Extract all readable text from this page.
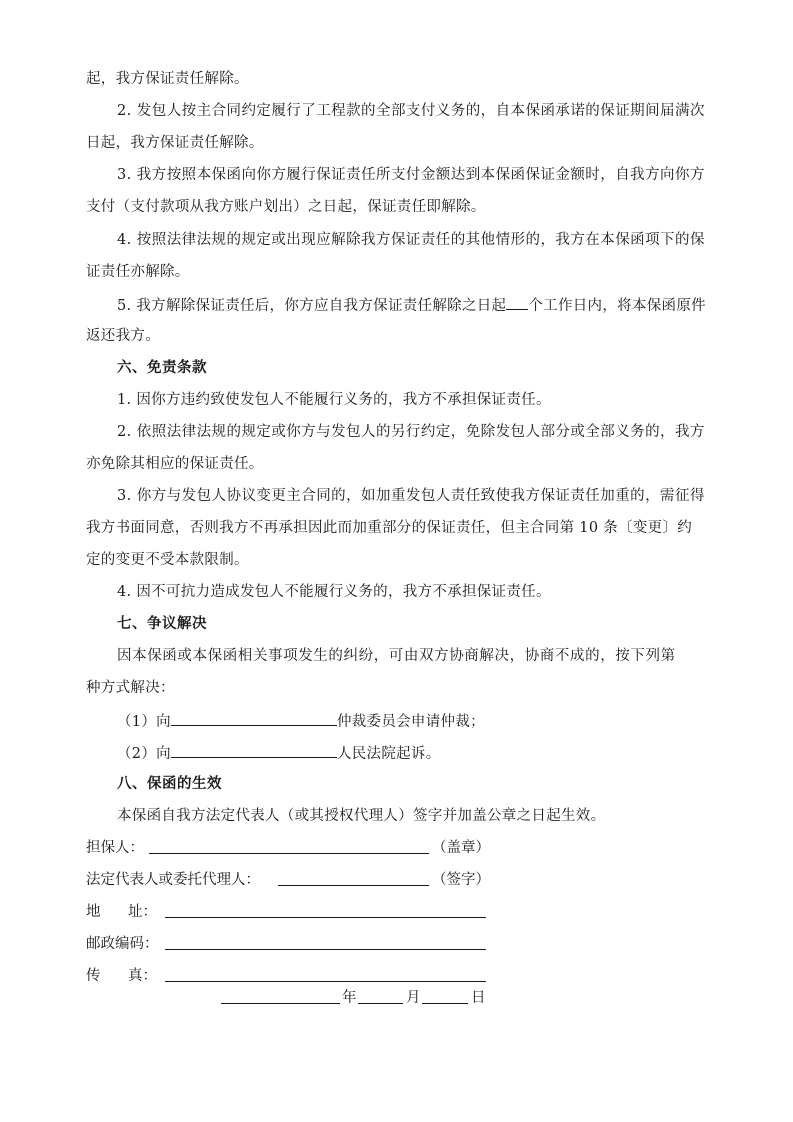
起，我方保证责任解除。
2. 发包人按主合同约定履行了工程款的全部支付义务的，自本保函承诺的保证期间届满次
日起，我方保证责任解除。
3. 我方按照本保函向你方履行保证责任所支付金额达到本保函保证金额时，自我方向你方
支付（支付款项从我方账户划出）之日起，保证责任即解除。
4. 按照法律法规的规定或出现应解除我方保证责任的其他情形的，我方在本保函项下的保
证责任亦解除。
5. 我方解除保证责任后，你方应自我方保证责任解除之日起 个工作日内，将本保函原件
返还我方。
六、免责条款
1. 因你方违约致使发包人不能履行义务的，我方不承担保证责任。
2. 依照法律法规的规定或你方与发包人的另行约定，免除发包人部分或全部义务的，我方
亦免除其相应的保证责任。
3. 你方与发包人协议变更主合同的，如加重发包人责任致使我方保证责任加重的，需征得
我方书面同意，否则我方不再承担因此而加重部分的保证责任，但主合同第 10 条〔变更〕约
定的变更不受本款限制。
4. 因不可抗力造成发包人不能履行义务的，我方不承担保证责任。
七、争议解决
因本保函或本保函相关事项发生的纠纷，可由双方协商解决，协商不成的，按下列第
种方式解决：
（1）向	仲裁委员会申请仲裁；
（2）向	人民法院起诉。
八、保函的生效
本保函自我方法定代表人（或其授权代理人）签字并加盖公章之日起生效。
担保人：	（盖章）
法定代表人或委托代理人：	（签字）
地 址：
邮政编码：
传 真：
年	月	日
